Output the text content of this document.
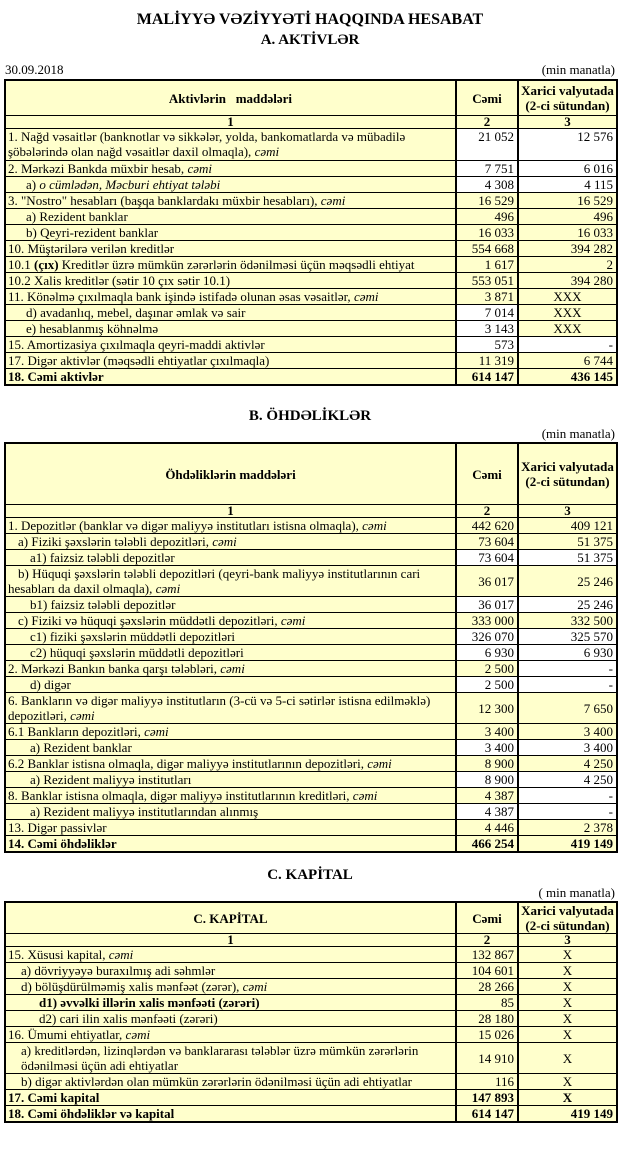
MALİYYƏ VƏZİYYƏTİ HAQQINDA HESABAT
A. AKTİVLƏR
30.09.2018	(min manatla)
Aktivlərin   maddələri	Cəmi	Xarici valyutada (2-ci sütundan)
1	2	3
1. Nağd vəsaitlər (banknotlar və sikkələr, yolda, bankomatlarda və mübadilə şöbələrində olan nağd vəsaitlər daxil olmaqla), cəmi	21 052	12 576
2. Mərkəzi Bankda müxbir hesab, cəmi	7 751	6 016
a) o cümlədən, Məcburi ehtiyat tələbi	4 308	4 115
3. "Nostro" hesabları (başqa banklardakı müxbir hesabları), cəmi	16 529	16 529
a) Rezident banklar	496	496
b) Qeyri-rezident banklar	16 033	16 033
10. Müştərilərə verilən kreditlər	554 668	394 282
10.1 (çıx) Kreditlər üzrə mümkün zərərlərin ödənilməsi üçün məqsədli ehtiyat	1 617	2
10.2 Xalis kreditlər (sətir 10 çıx sətir 10.1)	553 051	394 280
11. Könəlmə çıxılmaqla bank işində istifadə olunan əsas vəsaitlər, cəmi	3 871	XXX
d) avadanlıq, mebel, daşınar əmlak və sair	7 014	XXX
e) hesablanmış köhnəlmə	3 143	XXX
15. Amortizasiya çıxılmaqla qeyri-maddi aktivlər	573	-
17. Digər aktivlər (məqsədli ehtiyatlar çıxılmaqla)	11 319	6 744
18. Cəmi aktivlər	614 147	436 145
B. ÖHDƏLİKLƏR
(min manatla)
Öhdəliklərin maddələri	Cəmi	Xarici valyutada (2-ci sütundan)
1	2	3
1. Depozitlər (banklar və digər maliyyə institutları istisna olmaqla), cəmi	442 620	409 121
a) Fiziki şəxslərin tələbli depozitləri, cəmi	73 604	51 375
a1) faizsiz tələbli depozitlər	73 604	51 375
b) Hüquqi şəxslərin tələbli depozitləri (qeyri-bank maliyyə institutlarının cari hesabları da daxil olmaqla), cəmi	36 017	25 246
b1) faizsiz tələbli depozitlər	36 017	25 246
c) Fiziki və hüquqi şəxslərin müddətli depozitləri, cəmi	333 000	332 500
c1) fiziki şəxslərin müddətli depozitləri	326 070	325 570
c2) hüquqi şəxslərin müddətli depozitləri	6 930	6 930
2. Mərkəzi Bankın banka qarşı tələbləri, cəmi	2 500	-
d) digər	2 500	-
6. Bankların və digər maliyyə institutların (3-cü və 5-ci sətirlər istisna edilməklə) depozitləri, cəmi	12 300	7 650
6.1 Bankların depozitləri, cəmi	3 400	3 400
a) Rezident banklar	3 400	3 400
6.2 Banklar istisna olmaqla, digər maliyyə institutlarının depozitləri, cəmi	8 900	4 250
a) Rezident maliyyə institutları	8 900	4 250
8. Banklar istisna olmaqla, digər maliyyə institutlarının kreditləri, cəmi	4 387	-
a) Rezident maliyyə institutlarından alınmış	4 387	-
13. Digər passivlər	4 446	2 378
14. Cəmi öhdəliklər	466 254	419 149
C. KAPİTAL
( min manatla)
C. KAPİTAL	Cəmi	Xarici valyutada (2-ci sütundan)
1	2	3
15. Xüsusi kapital, cəmi	132 867	X
a) dövriyyəyə buraxılmış adi səhmlər	104 601	X
d) bölüşdürülməmiş xalis mənfəət (zərər), cəmi	28 266	X
d1) əvvəlki illərin xalis mənfəəti (zərəri)	85	X
d2) cari ilin xalis mənfəəti (zərəri)	28 180	X
16. Ümumi ehtiyatlar, cəmi	15 026	X
a) kreditlərdən, lizinqlərdən və banklararası tələblər üzrə mümkün zərərlərin ödənilməsi üçün adi ehtiyatlar	14 910	X
b) digər aktivlərdən olan mümkün zərərlərin ödənilməsi üçün adi ehtiyatlar	116	X
17. Cəmi kapital	147 893	X
18. Cəmi öhdəliklər və kapital	614 147	419 149
